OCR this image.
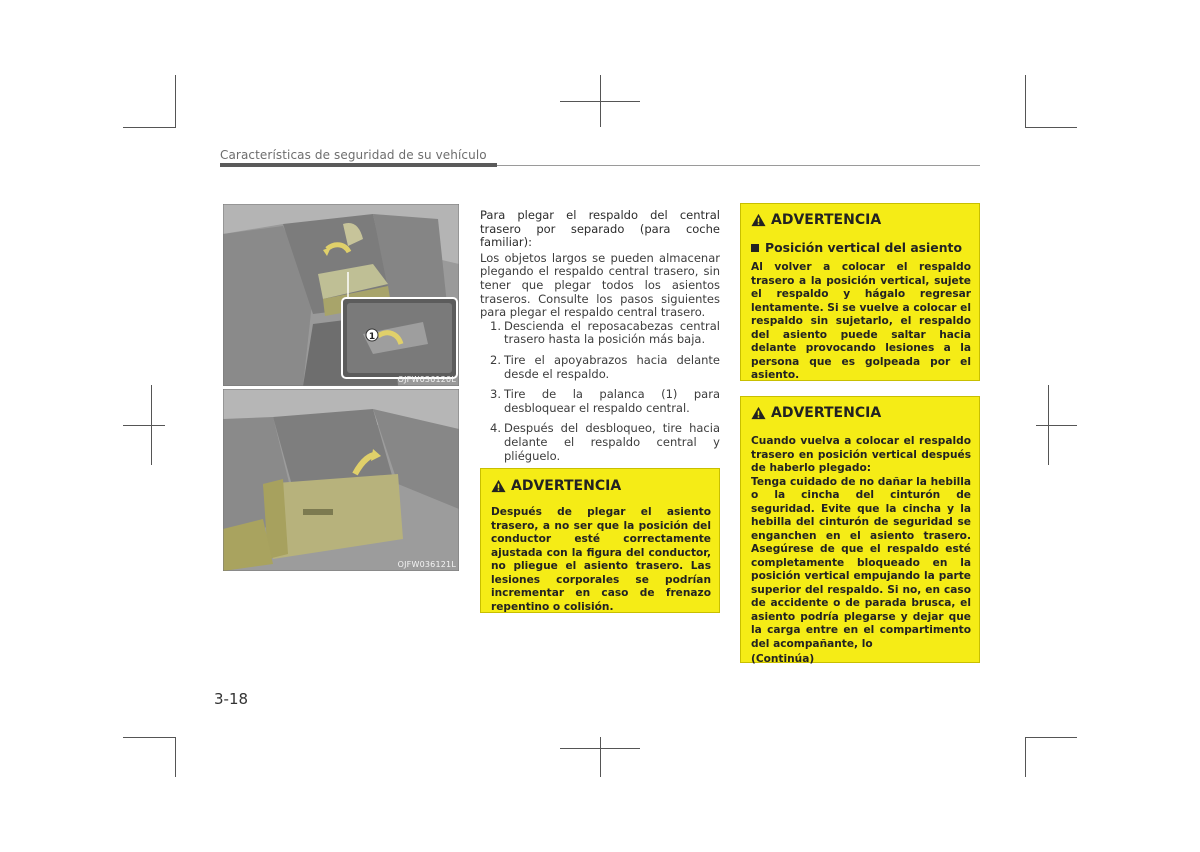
Características de seguridad de su vehículo
1
OJFW036120L
OJFW036121L
Para plegar el respaldo del central trasero por separado (para coche familiar):
Los objetos largos se pueden almacenar plegando el respaldo central trasero, sin tener que plegar todos los asientos traseros. Consulte los pasos siguientes para plegar el respaldo central trasero.
1. Descienda el reposacabezas central trasero hasta la posición más baja.
2. Tire el apoyabrazos hacia delante desde el respaldo.
3. Tire de la palanca (1) para desbloquear el respaldo central.
4. Después del desbloqueo, tire hacia delante el respaldo central y pliéguelo.
ADVERTENCIA
Después de plegar el asiento trasero, a no ser que la posición del conductor esté correctamente ajustada con la figura del conductor, no pliegue el asiento trasero. Las lesiones corporales se podrían incrementar en caso de frenazo repentino o colisión.
ADVERTENCIA
Posición vertical del asiento
Al volver a colocar el respaldo trasero a la posición vertical, sujete el respaldo y hágalo regresar lentamente. Si se vuelve a colocar el respaldo sin sujetarlo, el respaldo del asiento puede saltar hacia delante provocando lesiones a la persona que es golpeada por el asiento.
ADVERTENCIA
Cuando vuelva a colocar el respaldo trasero en posición vertical después de haberlo plegado:
Tenga cuidado de no dañar la hebilla o la cincha del cinturón de seguridad. Evite que la cincha y la hebilla del cinturón de seguridad se enganchen en el asiento trasero. Asegúrese de que el respaldo esté completamente bloqueado en la posición vertical empujando la parte superior del respaldo. Si no, en caso de accidente o de parada brusca, el asiento podría plegarse y dejar que la carga entre en el compartimento del acompañante, lo
(Continúa)
3-18
